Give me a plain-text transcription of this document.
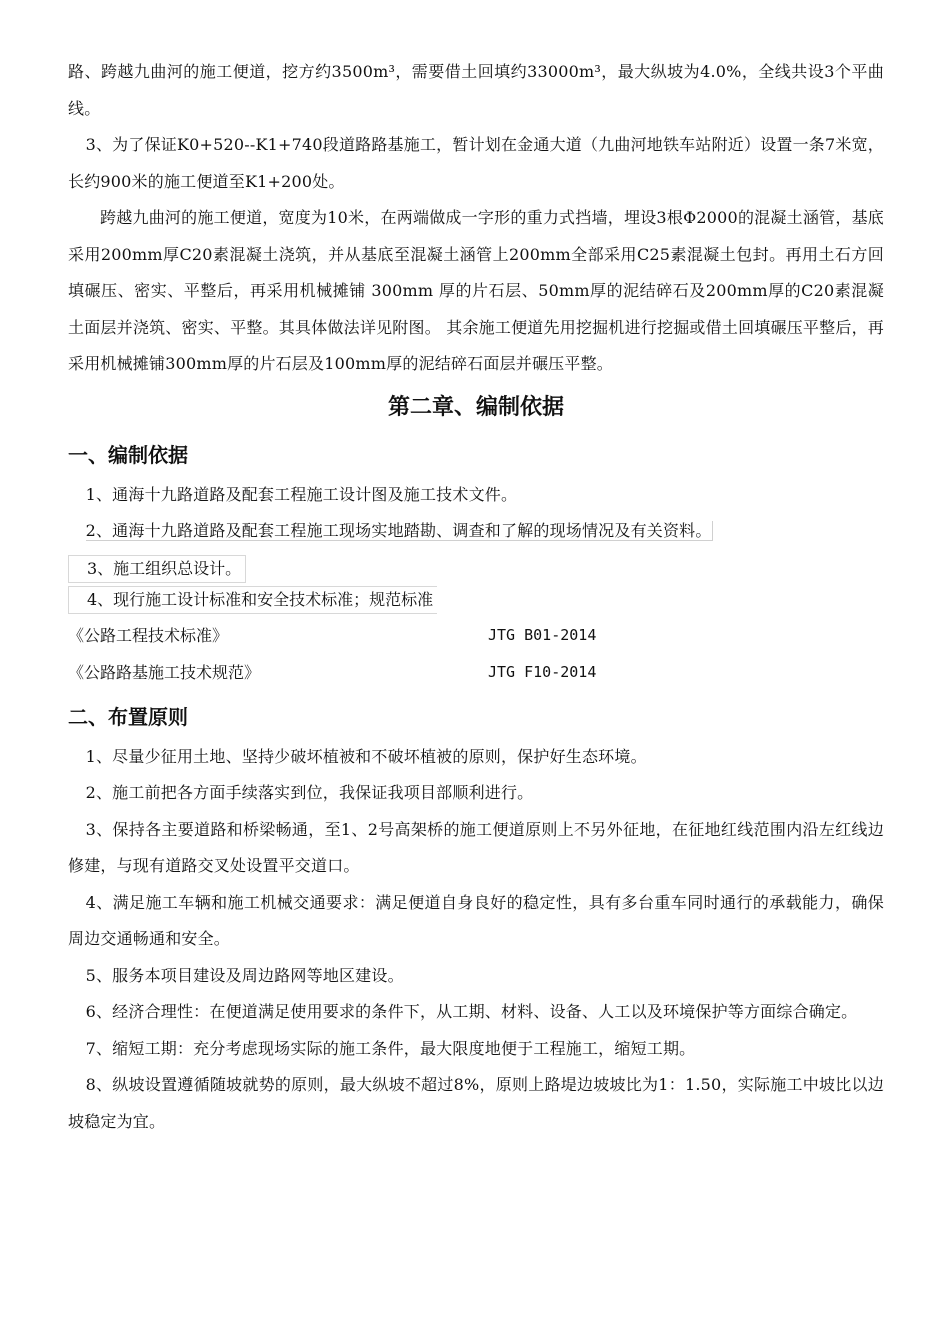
路、跨越九曲河的施工便道，挖方约3500m³，需要借土回填约33000m³，最大纵坡为4.0%，全线共设3个平曲线。

3、为了保证K0+520--K1+740段道路路基施工，暂计划在金通大道（九曲河地铁车站附近）设置一条7米宽，长约900米的施工便道至K1+200处。

跨越九曲河的施工便道，宽度为10米，在两端做成一字形的重力式挡墙，埋设3根Φ2000的混凝土涵管，基底采用200mm厚C20素混凝土浇筑，并从基底至混凝土涵管上200mm全部采用C25素混凝土包封。再用土石方回填碾压、密实、平整后，再采用机械摊铺 300mm 厚的片石层、50mm厚的泥结碎石及200mm厚的C20素混凝土面层并浇筑、密实、平整。其具体做法详见附图。 其余施工便道先用挖掘机进行挖掘或借土回填碾压平整后，再采用机械摊铺300mm厚的片石层及100mm厚的泥结碎石面层并碾压平整。

第二章、编制依据
一、编制依据

1、通海十九路道路及配套工程施工设计图及施工技术文件。

2、通海十九路道路及配套工程施工现场实地踏勘、调查和了解的现场情况及有关资料。

3、施工组织总设计。
4、现行施工设计标准和安全技术标准；规范标准
《公路工程技术标准》	JTG B01-2014
《公路路基施工技术规范》	JTG F10-2014
二、布置原则

1、尽量少征用土地、坚持少破坏植被和不破坏植被的原则，保护好生态环境。

2、施工前把各方面手续落实到位，我保证我项目部顺利进行。

3、保持各主要道路和桥梁畅通，至1、2号高架桥的施工便道原则上不另外征地，在征地红线范围内沿左红线边修建，与现有道路交叉处设置平交道口。

4、满足施工车辆和施工机械交通要求：满足便道自身良好的稳定性，具有多台重车同时通行的承载能力，确保周边交通畅通和安全。

5、服务本项目建设及周边路网等地区建设。

6、经济合理性：在便道满足使用要求的条件下，从工期、材料、设备、人工以及环境保护等方面综合确定。

7、缩短工期：充分考虑现场实际的施工条件，最大限度地便于工程施工，缩短工期。

8、纵坡设置遵循随坡就势的原则，最大纵坡不超过8%，原则上路堤边坡坡比为1：1.50，实际施工中坡比以边坡稳定为宜。
